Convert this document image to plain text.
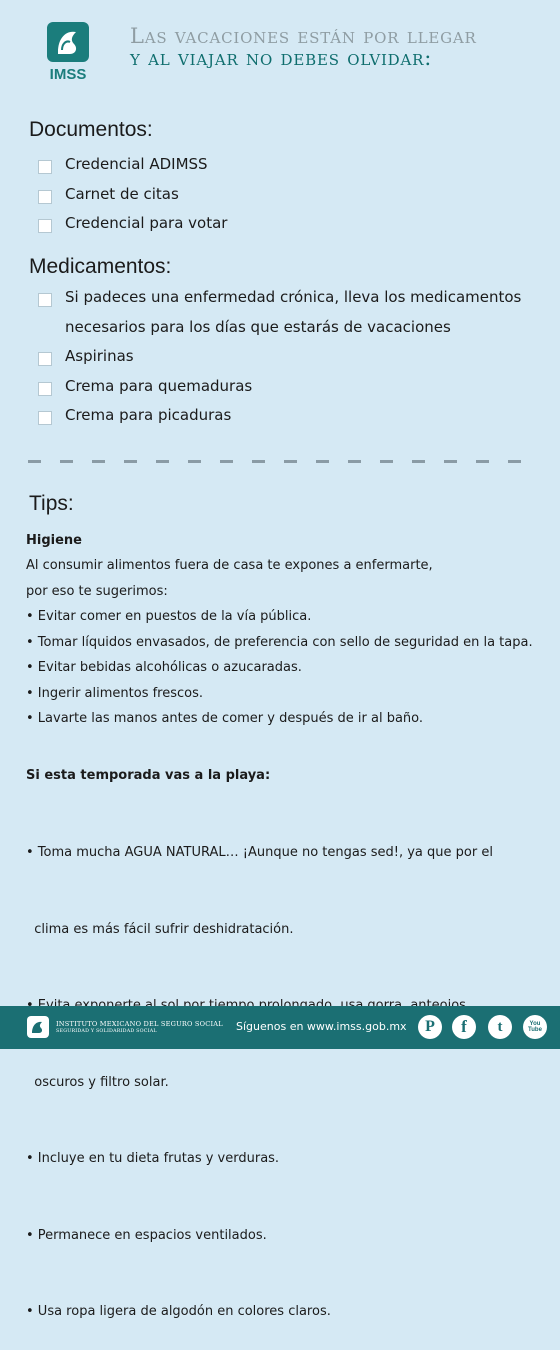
IMSS
Las vacaciones están por llegar
y al viajar no debes olvidar:
Documentos:
Credencial ADIMSS
Carnet de citas
Credencial para votar
Medicamentos:
Si padeces una enfermedad crónica, lleva los medicamentos
necesarios para los días que estarás de vacaciones
Aspirinas
Crema para quemaduras
Crema para picaduras
Tips:
Higiene
Al consumir alimentos fuera de casa te expones a enfermarte,
por eso te sugerimos:
• Evitar comer en puestos de la vía pública.
• Tomar líquidos envasados, de preferencia con sello de seguridad en la tapa.
• Evitar bebidas alcohólicas o azucaradas.
• Ingerir alimentos frescos.
• Lavarte las manos antes de comer y después de ir al baño.
Si esta temporada vas a la playa:

• Toma mucha AGUA NATURAL… ¡Aunque no tengas sed!, ya que por el

clima es más fácil sufrir deshidratación.

oscuros y filtro solar.

• Incluye en tu dieta frutas y verduras.

• Permanece en espacios ventilados.

• Usa ropa ligera de algodón en colores claros.

INSTITUTO MEXICANO DEL SEGURO SOCIAL
SEGURIDAD Y SOLIDARIDAD SOCIAL	Síguenos en www.imss.gob.mx	P	f	t	You Tube
